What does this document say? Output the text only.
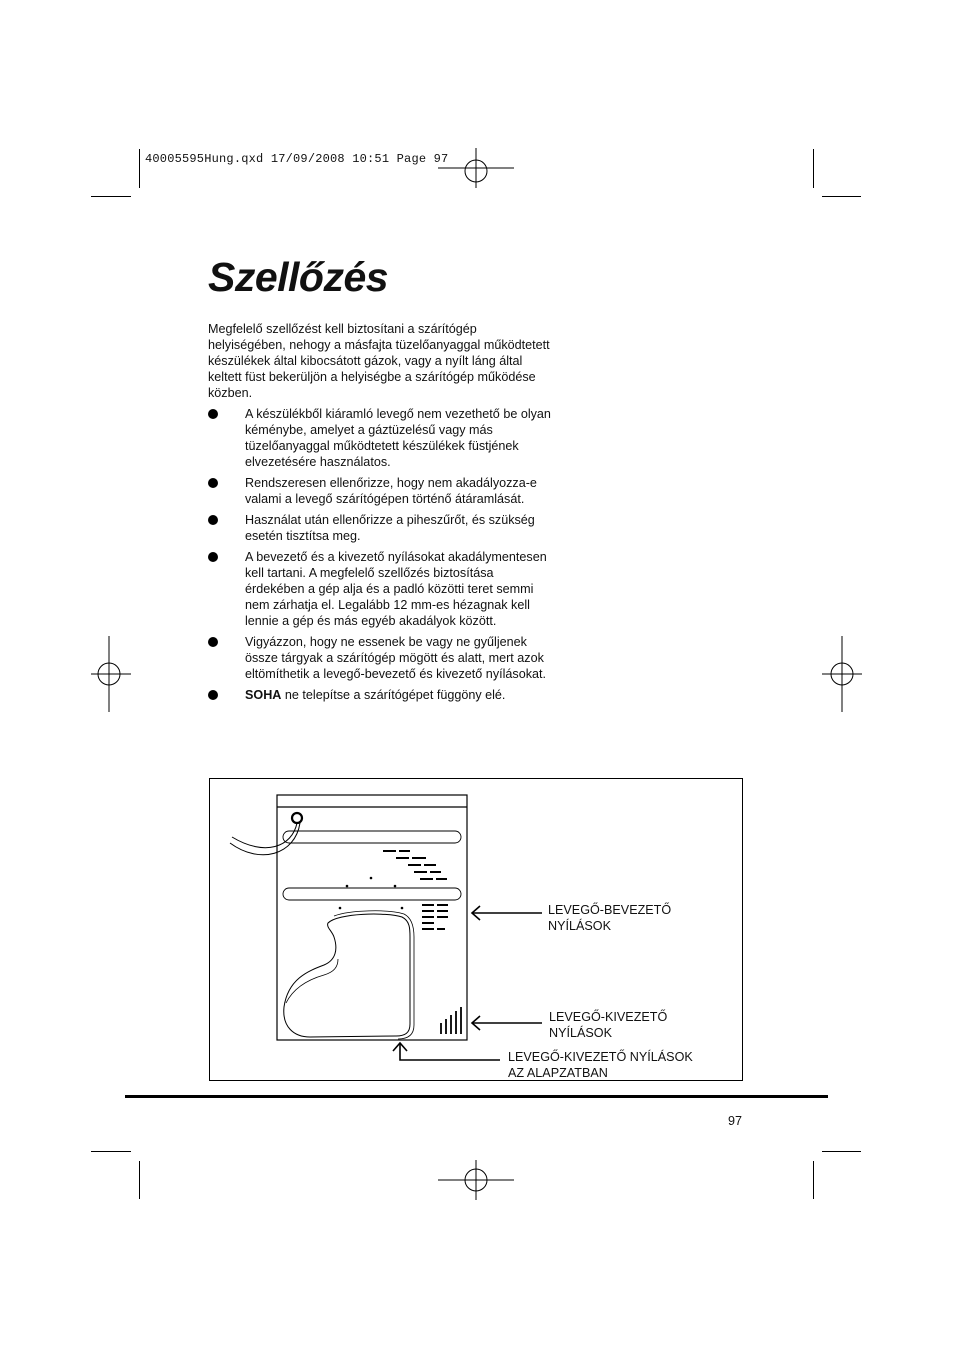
40005595Hung.qxd 17/09/2008 10:51 Page 97
Szellőzés

Megfelelő szellőzést kell biztosítani a szárítógép helyiségében, nehogy a másfajta tüzelőanyaggal működtetett készülékek által kibocsátott gázok, vagy a nyílt láng által keltett füst bekerüljön a helyiségbe a szárítógép működése közben.

A készülékből kiáramló levegő nem vezethető be olyan kéménybe, amelyet a gáztüzelésű vagy más tüzelőanyaggal működtetett készülékek füstjének elvezetésére használatos.
Rendszeresen ellenőrizze, hogy nem akadályozza-e valami a levegő szárítógépen történő átáramlását.
Használat után ellenőrizze a piheszűrőt, és szükség esetén tisztítsa meg.
A bevezető és a kivezető nyílásokat akadálymentesen kell tartani. A megfelelő szellőzés biztosítása érdekében a gép alja és a padló közötti teret semmi nem zárhatja el. Legalább 12 mm-es hézagnak kell lennie a gép és más egyéb akadályok között.
Vigyázzon, hogy ne essenek be vagy ne gyűljenek össze tárgyak a szárítógép mögött és alatt, mert azok eltömíthetik a levegő-bevezető és kivezető nyílásokat.
SOHA ne telepítse a szárítógépet függöny elé.
LEVEGŐ-BEVEZETŐ
NYÍLÁSOK
LEVEGŐ-KIVEZETŐ
NYÍLÁSOK
LEVEGŐ-KIVEZETŐ NYÍLÁSOK
AZ ALAPZATBAN
97
